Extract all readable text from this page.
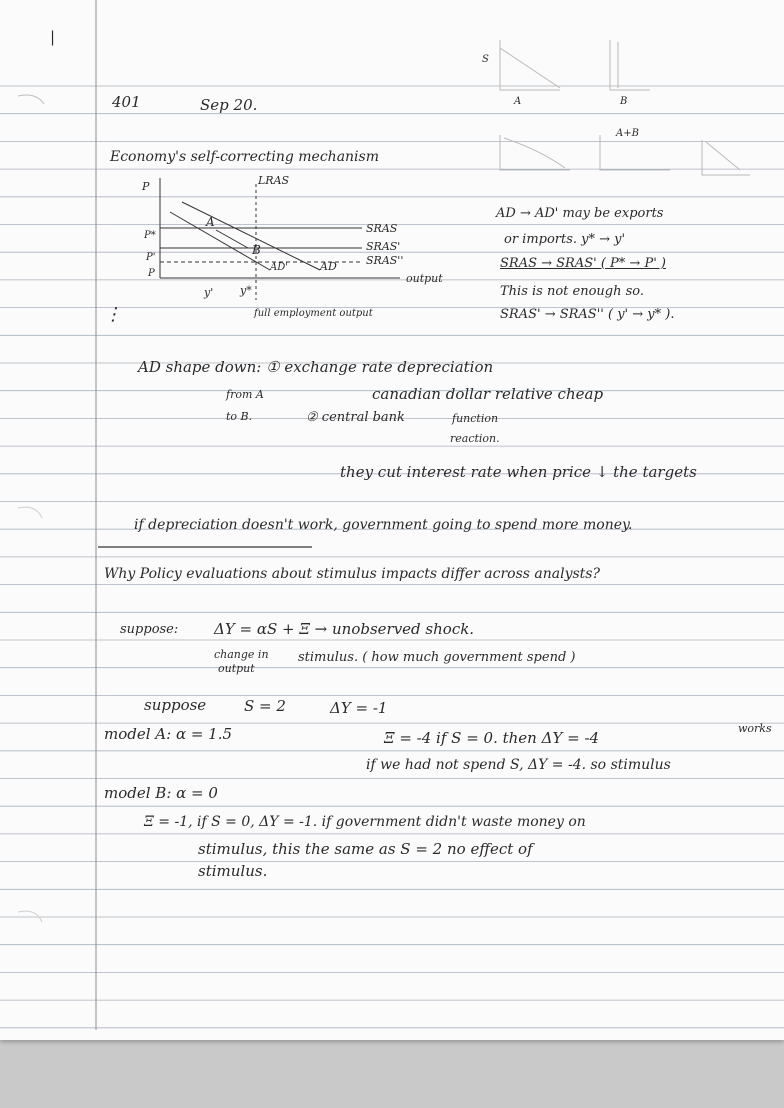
|
⋮
401	Sep 20.	A	B
A+B
S
Economy's self-correcting mechanism
P	LRAS
P*
P'
P
A
B
SRAS
SRAS'
SRAS''
AD'	AD
output
y' y*
full employment output
AD → AD' may be exports
or imports. y* → y'
SRAS → SRAS' ( P* → P' )
This is not enough so.
SRAS' → SRAS'' ( y' → y* ).
AD shape down: ① exchange rate depreciation
from A	canadian dollar relative cheap
to B.	② central bank	function
reaction.
they cut interest rate when price ↓ the targets
if depreciation doesn't work, government going to spend more money.
Why Policy evaluations about stimulus impacts differ across analysts?
suppose: ΔY = αS + Ξ → unobserved shock.
change in
output
stimulus. ( how much government spend )
suppose	S = 2	ΔY = -1
model A: α = 1.5	Ξ = -4 if S = 0. then ΔY = -4
works
if we had not spend S, ΔY = -4. so stimulus
model B: α = 0
Ξ = -1, if S = 0, ΔY = -1. if government didn't waste money on
stimulus, this the same as S = 2 no effect of
stimulus.
